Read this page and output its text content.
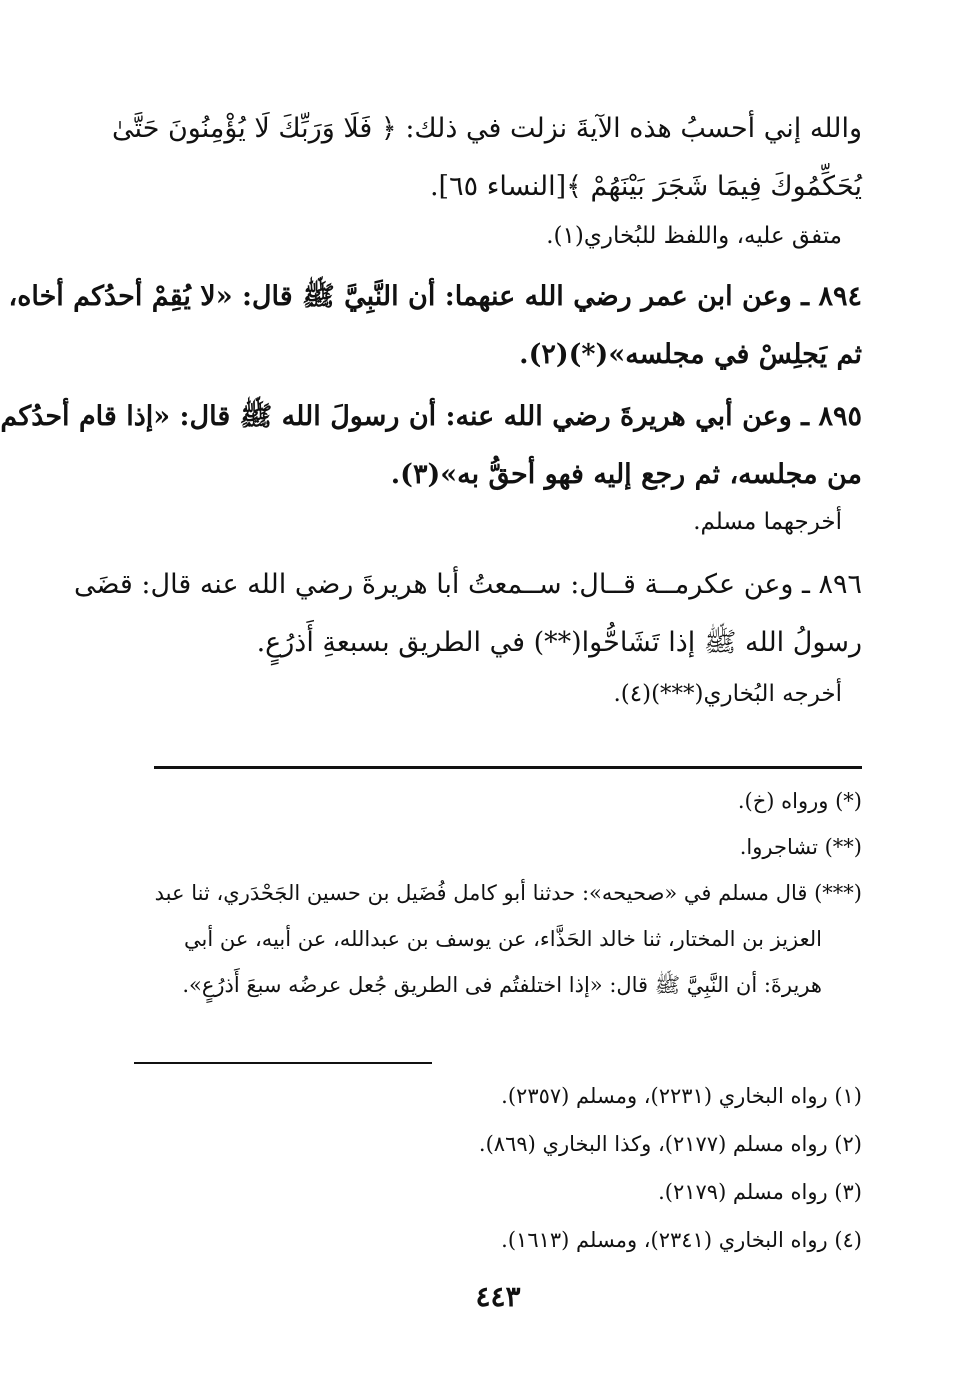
والله إني أحسبُ هذه الآيةَ نزلت في ذلك: ﴿ فَلَا وَرَبِّكَ لَا يُؤْمِنُونَ حَتَّىٰ
يُحَكِّمُوكَ فِيمَا شَجَرَ بَيْنَهُمْ ﴾[النساء ٦٥].
متفق عليه، واللفظ للبُخاري(١).
٨٩٤ ـ وعن ابن عمر رضي الله عنهما: أن النَّبِيَّ ﷺ قال: «لا يُقِمْ أحدُكم أخاه،
ثم يَجلِسْ في مجلسه»(*)(٢).
٨٩٥ ـ وعن أبي هريرةَ رضي الله عنه: أن رسولَ الله ﷺ قال: «إذا قام أحدُكم
من مجلسه، ثم رجع إليه فهو أحقُّ به»(٣).
أخرجهما مسلم.
٨٩٦ ـ وعن عكرمــة قــال: ســمعتُ أبا هريرةَ رضي الله عنه قال: قضَى
رسولُ الله ﷺ إذا تَشَاحُّوا(**) في الطريق بسبعةِ أَذرُعٍ.
أخرجه البُخاري(***)(٤).
(*) ورواه (خ).
(**) تشاجروا.
(***) قال مسلم في «صحيحه»: حدثنا أبو كامل فُضَيل بن حسين الجَحْدَري، ثنا عبد
العزيز بن المختار، ثنا خالد الحَذَّاء، عن يوسف بن عبدالله، عن أبيه، عن أبي
هريرةَ: أن النَّبِيَّ ﷺ قال: «إذا اختلفتُم فى الطريق جُعل عرضُه سبعَ أَذرُعٍ».
(١) رواه البخاري (٢٢٣١)، ومسلم (٢٣٥٧).
(٢) رواه مسلم (٢١٧٧)، وكذا البخاري (٨٦٩).
(٣) رواه مسلم (٢١٧٩).
(٤) رواه البخاري (٢٣٤١)، ومسلم (١٦١٣).
٤٤٣
